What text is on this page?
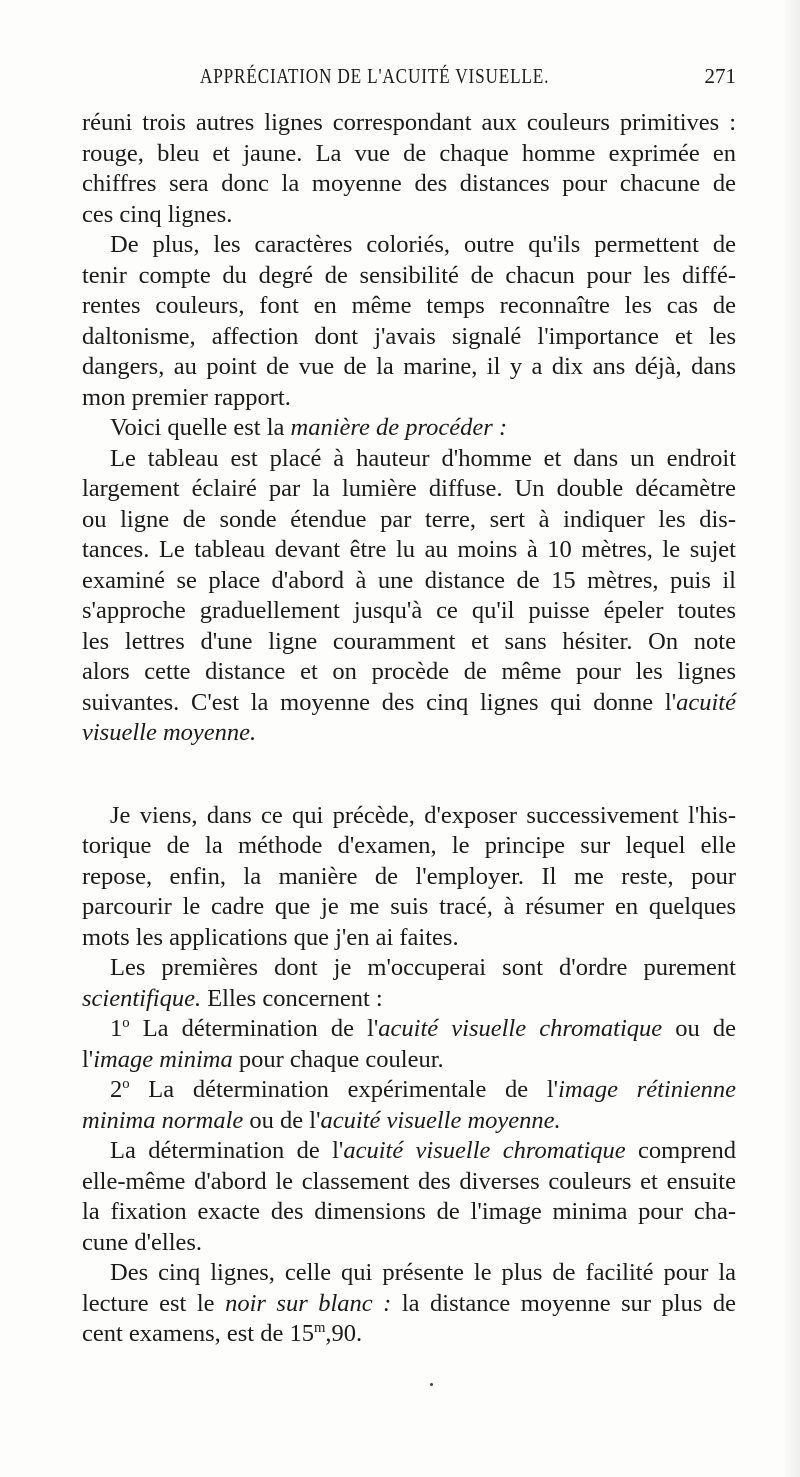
APPRÉCIATION DE L'ACUITÉ VISUELLE.	271
réuni trois autres lignes correspondant aux couleurs primitives :
rouge, bleu et jaune. La vue de chaque homme exprimée en
chiffres sera donc la moyenne des distances pour chacune de
ces cinq lignes.
De plus, les caractères coloriés, outre qu'ils permettent de
tenir compte du degré de sensibilité de chacun pour les diffé-
rentes couleurs, font en même temps reconnaître les cas de
daltonisme, affection dont j'avais signalé l'importance et les
dangers, au point de vue de la marine, il y a dix ans déjà, dans
mon premier rapport.
Voici quelle est la manière de procéder :
Le tableau est placé à hauteur d'homme et dans un endroit
largement éclairé par la lumière diffuse. Un double décamètre
ou ligne de sonde étendue par terre, sert à indiquer les dis-
tances. Le tableau devant être lu au moins à 10 mètres, le sujet
examiné se place d'abord à une distance de 15 mètres, puis il
s'approche graduellement jusqu'à ce qu'il puisse épeler toutes
les lettres d'une ligne couramment et sans hésiter. On note
alors cette distance et on procède de même pour les lignes
suivantes. C'est la moyenne des cinq lignes qui donne l'acuité
visuelle moyenne.
Je viens, dans ce qui précède, d'exposer successivement l'his-
torique de la méthode d'examen, le principe sur lequel elle
repose, enfin, la manière de l'employer. Il me reste, pour
parcourir le cadre que je me suis tracé, à résumer en quelques
mots les applications que j'en ai faites.
Les premières dont je m'occuperai sont d'ordre purement
scientifique. Elles concernent :
1$^o$ La détermination de l'acuité visuelle chromatique ou de
l'image minima pour chaque couleur.
2$^o$ La détermination expérimentale de l'image rétinienne
minima normale ou de l'acuité visuelle moyenne.
La détermination de l'acuité visuelle chromatique comprend
elle-même d'abord le classement des diverses couleurs et ensuite
la fixation exacte des dimensions de l'image minima pour cha-
cune d'elles.
Des cinq lignes, celle qui présente le plus de facilité pour la
lecture est le noir sur blanc : la distance moyenne sur plus de
cent examens, est de 15$^m$,90.
